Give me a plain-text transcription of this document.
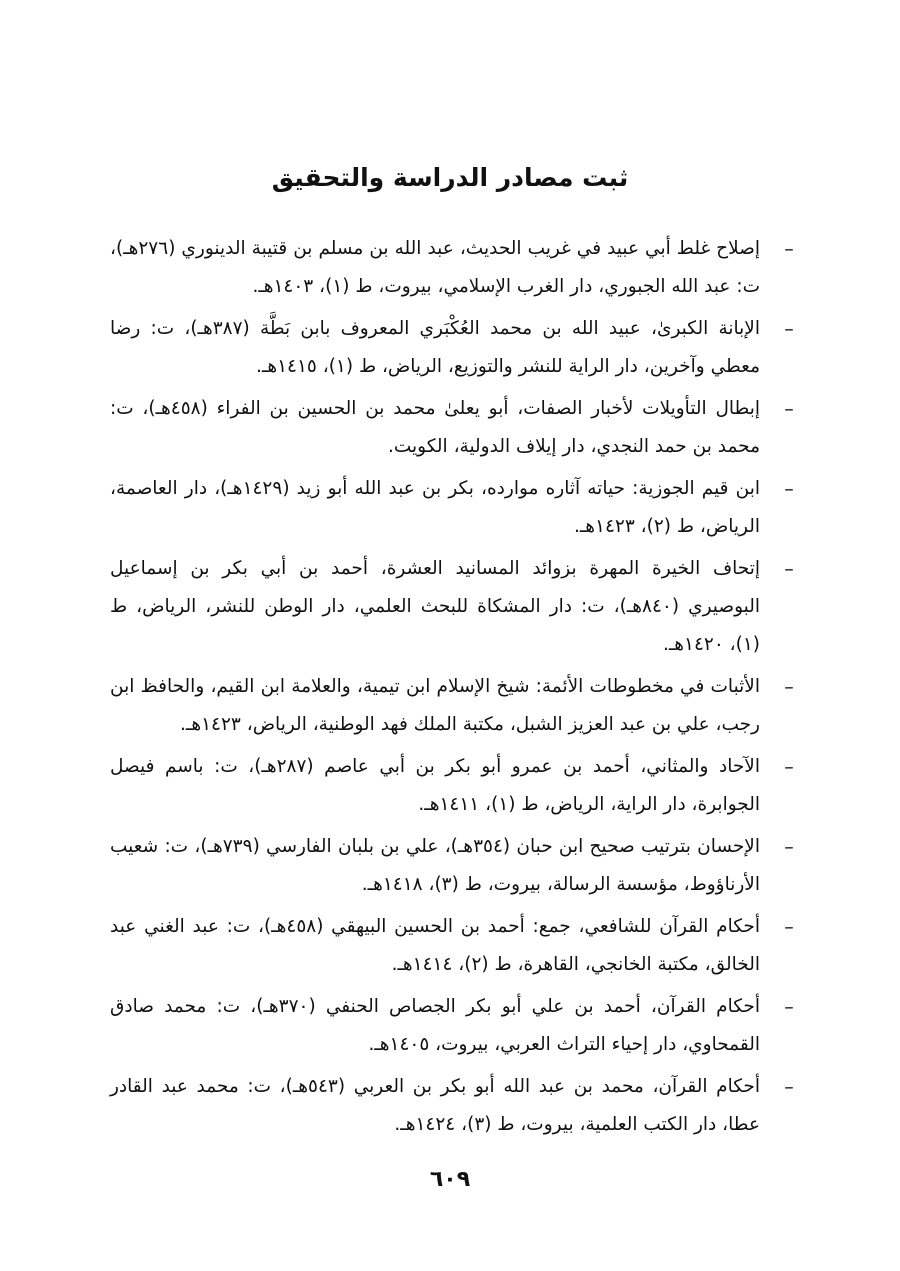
ثبت مصادر الدراسة والتحقيق
–
إصلاح غلط أبي عبيد في غريب الحديث، عبد الله بن مسلم بن قتيبة الدينوري (٢٧٦هـ)، ت: عبد الله الجبوري، دار الغرب الإسلامي، بيروت، ط (١)، ١٤٠٣هـ.
–
الإبانة الكبرىٰ، عبيد الله بن محمد العُكْبَري المعروف بابن بَطَّة (٣٨٧هـ)، ت: رضا معطي وآخرين، دار الراية للنشر والتوزيع، الرياض، ط (١)، ١٤١٥هـ.
–
إبطال التأويلات لأخبار الصفات، أبو يعلىٰ محمد بن الحسين بن الفراء (٤٥٨هـ)، ت: محمد بن حمد النجدي، دار إيلاف الدولية، الكويت.
–
ابن قيم الجوزية: حياته آثاره موارده، بكر بن عبد الله أبو زيد (١٤٢٩هـ)، دار العاصمة، الرياض، ط (٢)، ١٤٢٣هـ.
–
إتحاف الخيرة المهرة بزوائد المسانيد العشرة، أحمد بن أبي بكر بن إسماعيل البوصيري (٨٤٠هـ)، ت: دار المشكاة للبحث العلمي، دار الوطن للنشر، الرياض، ط (١)، ١٤٢٠هـ.
–
الأثبات في مخطوطات الأئمة: شيخ الإسلام ابن تيمية، والعلامة ابن القيم، والحافظ ابن رجب، علي بن عبد العزيز الشبل، مكتبة الملك فهد الوطنية، الرياض، ١٤٢٣هـ.
–
الآحاد والمثاني، أحمد بن عمرو أبو بكر بن أبي عاصم (٢٨٧هـ)، ت: باسم فيصل الجوابرة، دار الراية، الرياض، ط (١)، ١٤١١هـ.
–
الإحسان بترتيب صحيح ابن حبان (٣٥٤هـ)، علي بن بلبان الفارسي (٧٣٩هـ)، ت: شعيب الأرناؤوط، مؤسسة الرسالة، بيروت، ط (٣)، ١٤١٨هـ.
–
أحكام القرآن للشافعي، جمع: أحمد بن الحسين البيهقي (٤٥٨هـ)، ت: عبد الغني عبد الخالق، مكتبة الخانجي، القاهرة، ط (٢)، ١٤١٤هـ.
–
أحكام القرآن، أحمد بن علي أبو بكر الجصاص الحنفي (٣٧٠هـ)، ت: محمد صادق القمحاوي، دار إحياء التراث العربي، بيروت، ١٤٠٥هـ.
–
أحكام القرآن، محمد بن عبد الله أبو بكر بن العربي (٥٤٣هـ)، ت: محمد عبد القادر عطا، دار الكتب العلمية، بيروت، ط (٣)، ١٤٢٤هـ.
٦٠٩
